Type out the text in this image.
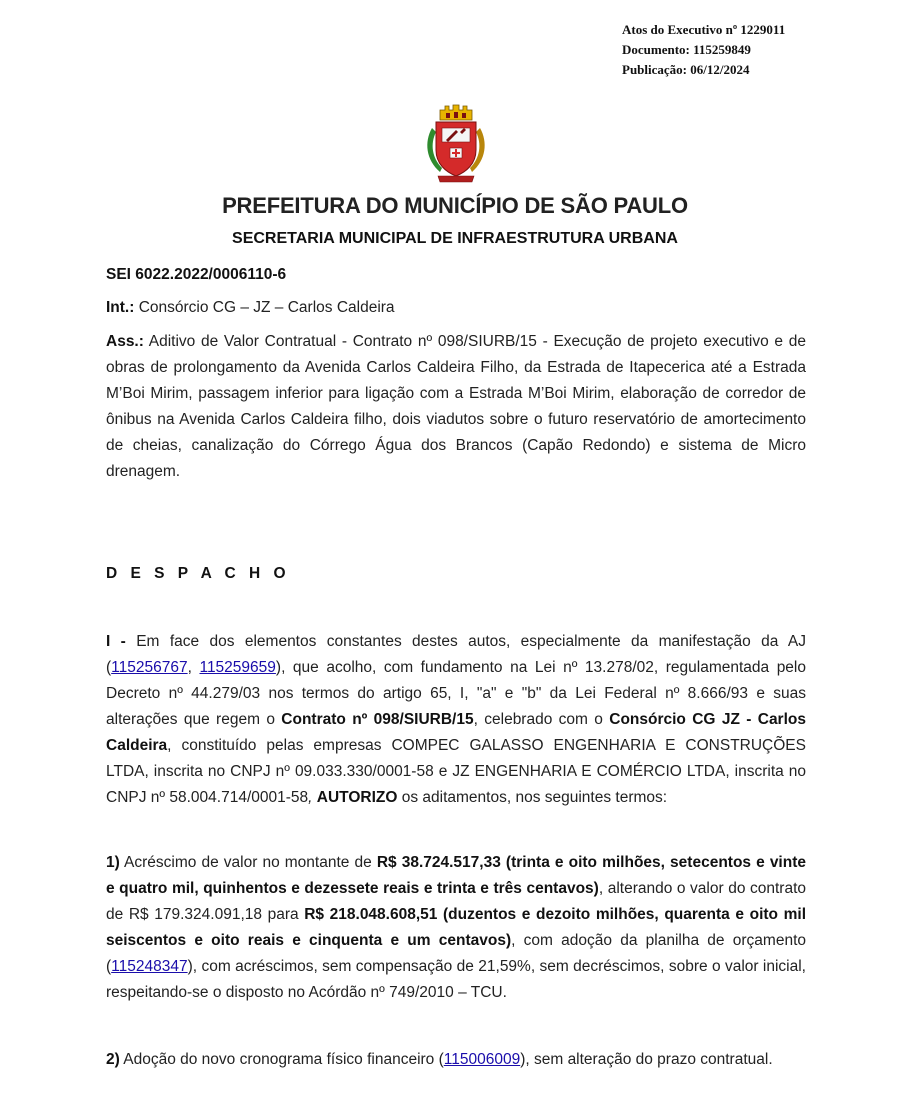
Atos do Executivo nº 1229011
Documento: 115259849
Publicação: 06/12/2024
PREFEITURA DO MUNICÍPIO DE SÃO PAULO
SECRETARIA MUNICIPAL DE INFRAESTRUTURA URBANA
SEI 6022.2022/0006110-6
Int.: Consórcio CG – JZ – Carlos Caldeira
Ass.: Aditivo de Valor Contratual - Contrato nº 098/SIURB/15 - Execução de projeto executivo e de obras de prolongamento da Avenida Carlos Caldeira Filho, da Estrada de Itapecerica até a Estrada M’Boi Mirim, passagem inferior para ligação com a Estrada M’Boi Mirim, elaboração de corredor de ônibus na Avenida Carlos Caldeira filho, dois viadutos sobre o futuro reservatório de amortecimento de cheias, canalização do Córrego Água dos Brancos (Capão Redondo) e sistema de Micro drenagem.
D E S P A C H O
I - Em face dos elementos constantes destes autos, especialmente da manifestação da AJ (115256767, 115259659), que acolho, com fundamento na Lei nº 13.278/02, regulamentada pelo Decreto nº 44.279/03 nos termos do artigo 65, I, "a" e "b" da Lei Federal nº 8.666/93 e suas alterações que regem o Contrato nº 098/SIURB/15, celebrado com o Consórcio CG JZ - Carlos Caldeira, constituído pelas empresas COMPEC GALASSO ENGENHARIA E CONSTRUÇÕES LTDA, inscrita no CNPJ nº 09.033.330/0001-58 e JZ ENGENHARIA E COMÉRCIO LTDA, inscrita no CNPJ nº 58.004.714/0001-58, AUTORIZO os aditamentos, nos seguintes termos:
1) Acréscimo de valor no montante de R$ 38.724.517,33 (trinta e oito milhões, setecentos e vinte e quatro mil, quinhentos e dezessete reais e trinta e três centavos), alterando o valor do contrato de R$ 179.324.091,18 para R$ 218.048.608,51 (duzentos e dezoito milhões, quarenta e oito mil seiscentos e oito reais e cinquenta e um centavos), com adoção da planilha de orçamento (115248347), com acréscimos, sem compensação de 21,59%, sem decréscimos, sobre o valor inicial, respeitando-se o disposto no Acórdão nº 749/2010 – TCU.
2) Adoção do novo cronograma físico financeiro (115006009), sem alteração do prazo contratual.
